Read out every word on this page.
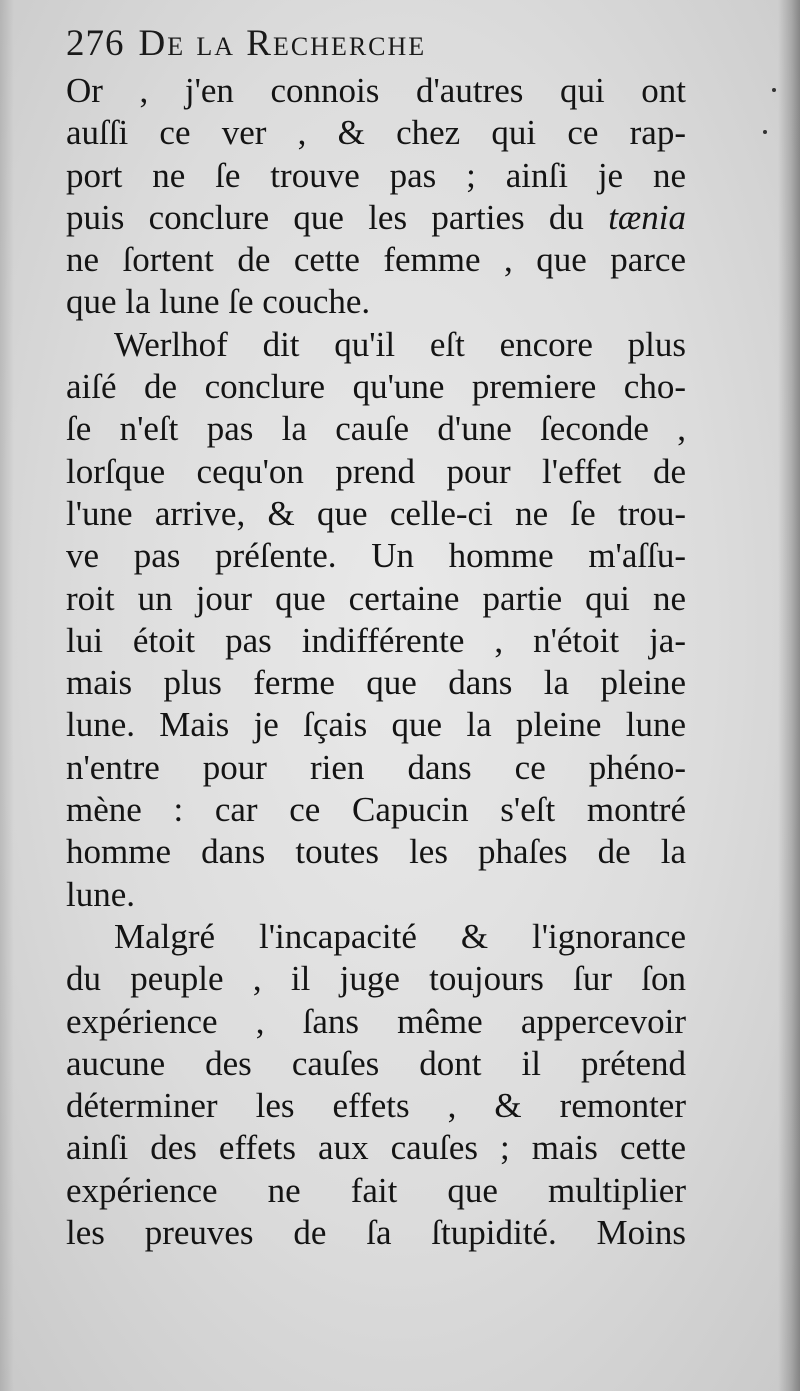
276 De la Recherche
Or , j'en connois d'autres qui ont
auſſi ce ver , & chez qui ce rap-
port ne ſe trouve pas ; ainſi je ne
puis conclure que les parties du tænia
ne ſortent de cette femme , que parce
que la lune ſe couche.
Werlhof dit qu'il eſt encore plus
aiſé de conclure qu'une premiere cho-
ſe n'eſt pas la cauſe d'une ſeconde ,
lorſque cequ'on prend pour l'effet de
l'une arrive, & que celle-ci ne ſe trou-
ve pas préſente. Un homme m'aſſu-
roit un jour que certaine partie qui ne
lui étoit pas indifférente , n'étoit ja-
mais plus ferme que dans la pleine
lune. Mais je ſçais que la pleine lune
n'entre pour rien dans ce phéno-
mène : car ce Capucin s'eſt montré
homme dans toutes les phaſes de la
lune.
Malgré l'incapacité & l'ignorance
du peuple , il juge toujours ſur ſon
expérience , ſans même appercevoir
aucune des cauſes dont il prétend
déterminer les effets , & remonter
ainſi des effets aux cauſes ; mais cette
expérience ne fait que multiplier
les preuves de ſa ſtupidité. Moins
